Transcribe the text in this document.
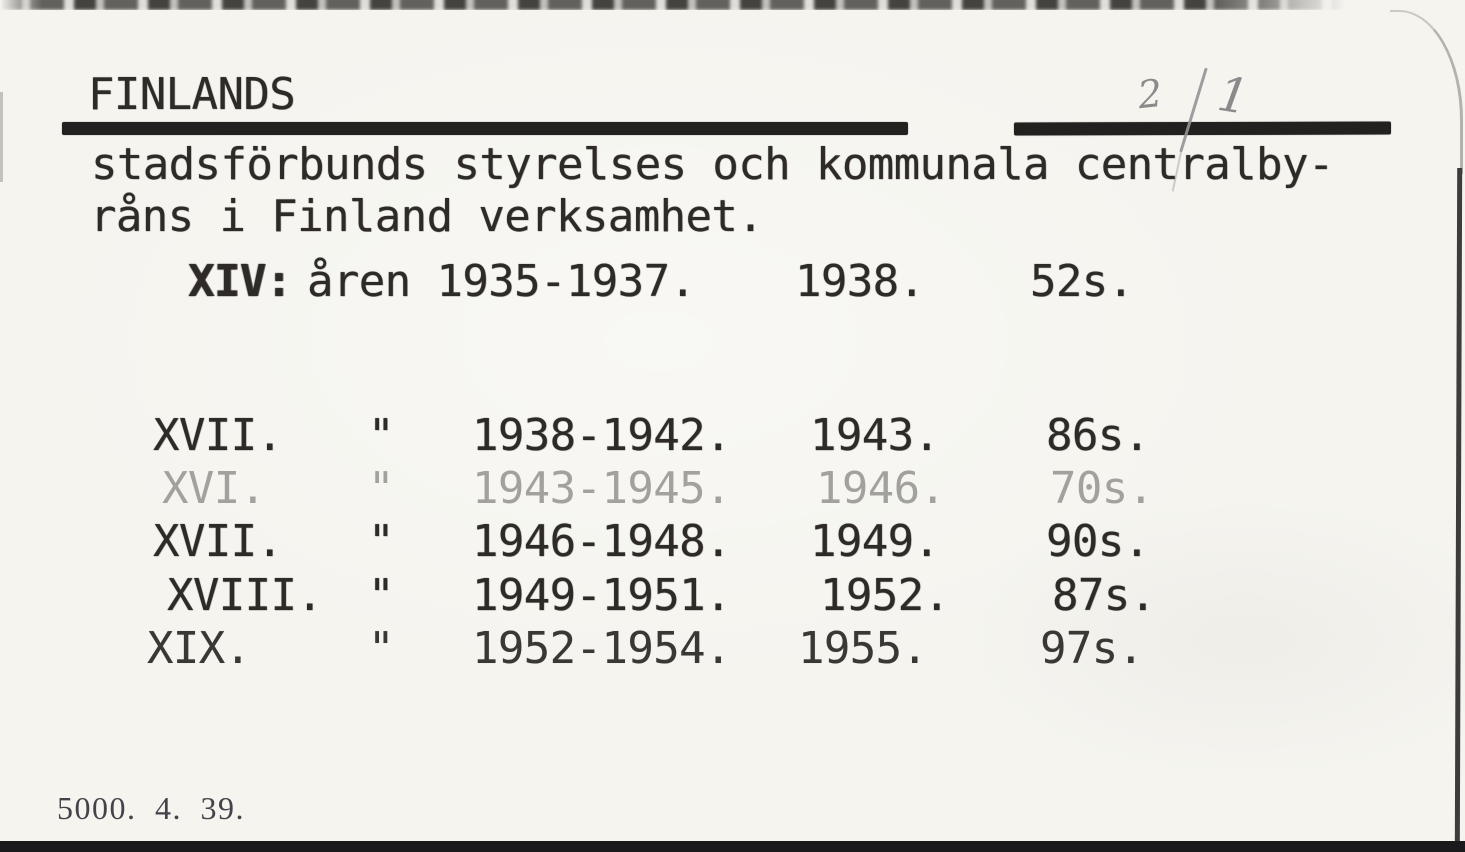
FINLANDS	2 1
stadsförbunds styrelses och kommunala centralby-
råns i Finland verksamhet.
XIV: åren 1935-1937. 1938. 52s.
XVII. " 1938-1942. 1943. 86s.
XVI. " 1943-1945. 1946. 70s.
XVII. " 1946-1948. 1949. 90s.
XVIII. " 1949-1951. 1952. 87s.
XIX.	" 1952-1954. 1955.	97s.
5000. 4. 39.
